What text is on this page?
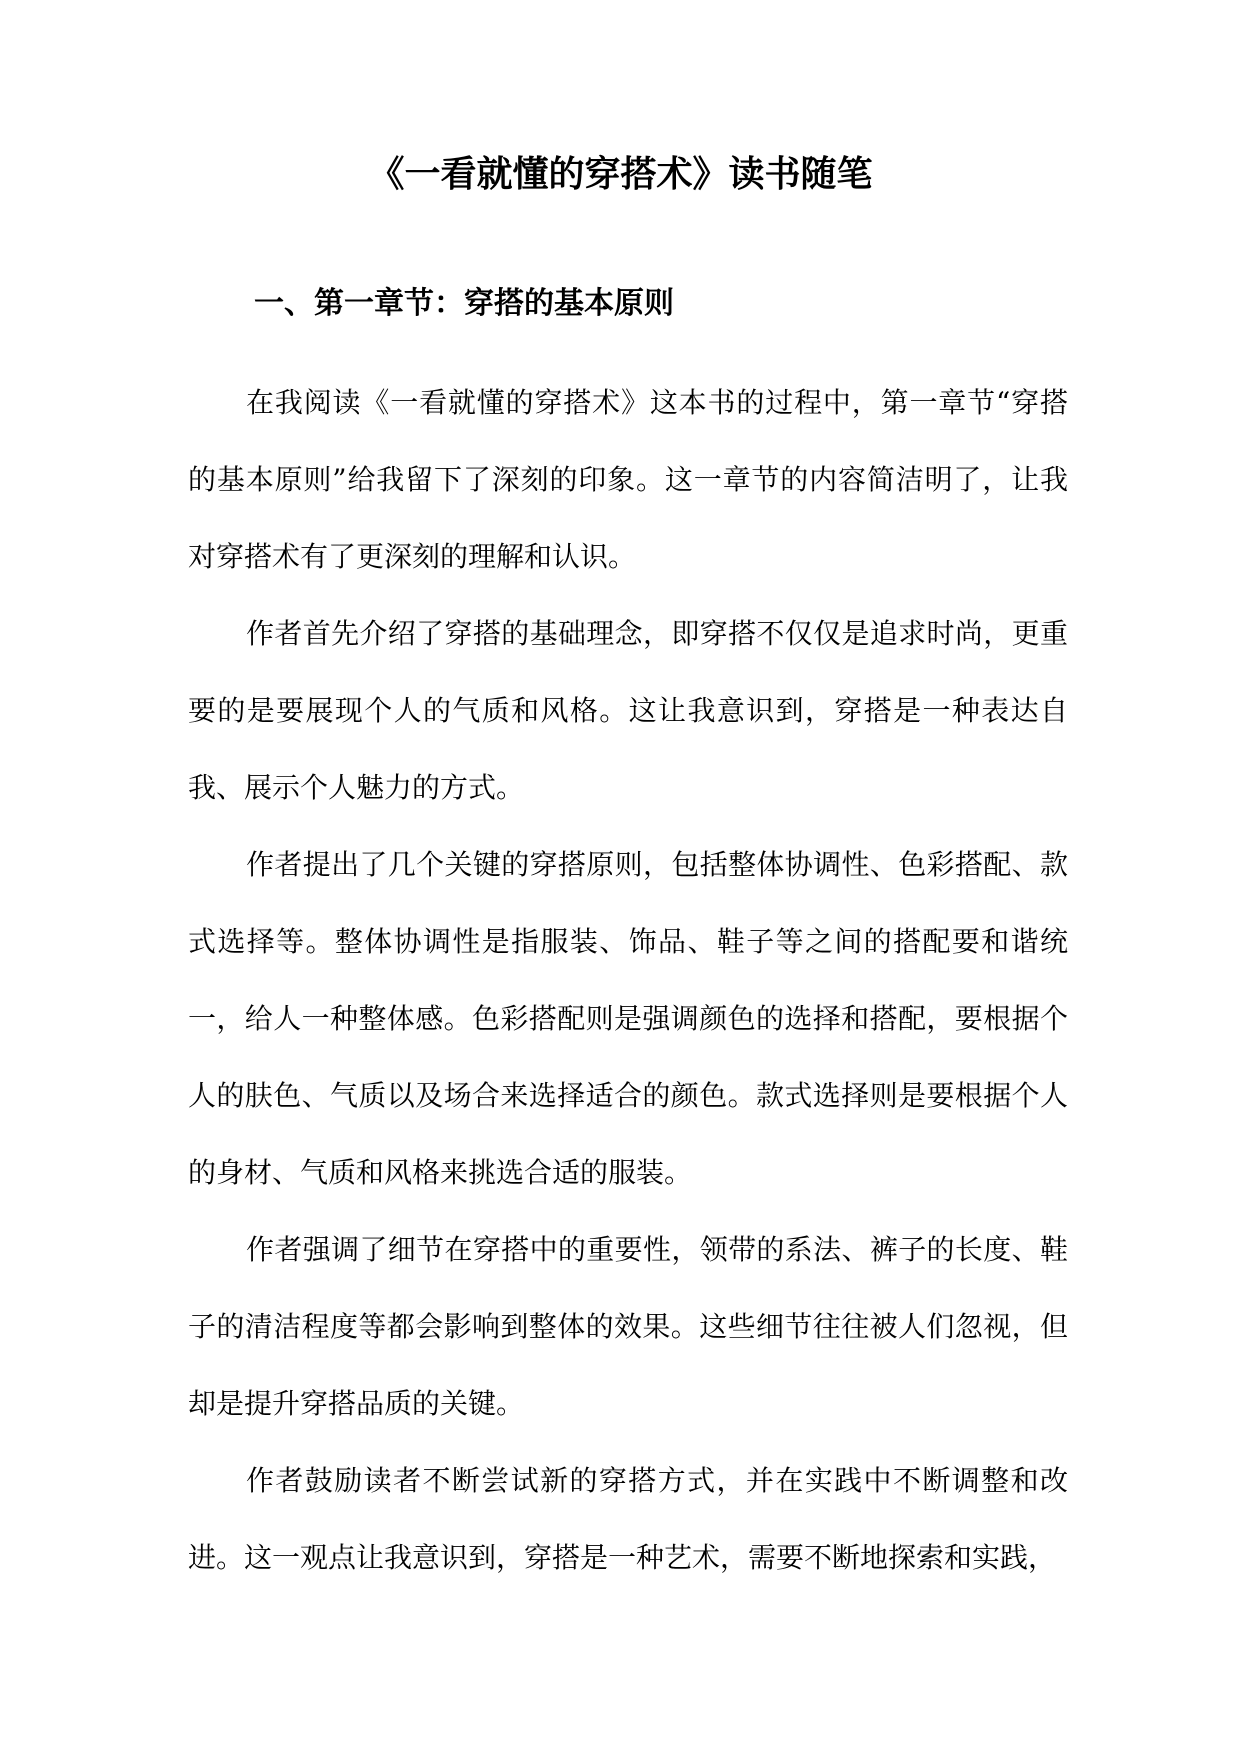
《一看就懂的穿搭术》读书随笔
一、第一章节：穿搭的基本原则

在我阅读《一看就懂的穿搭术》这本书的过程中，第一章节“穿搭的基本原则”给我留下了深刻的印象。这一章节的内容简洁明了，让我对穿搭术有了更深刻的理解和认识。

作者首先介绍了穿搭的基础理念，即穿搭不仅仅是追求时尚，更重要的是要展现个人的气质和风格。这让我意识到，穿搭是一种表达自我、展示个人魅力的方式。

作者提出了几个关键的穿搭原则，包括整体协调性、色彩搭配、款式选择等。整体协调性是指服装、饰品、鞋子等之间的搭配要和谐统一，给人一种整体感。色彩搭配则是强调颜色的选择和搭配，要根据个人的肤色、气质以及场合来选择适合的颜色。款式选择则是要根据个人的身材、气质和风格来挑选合适的服装。

作者强调了细节在穿搭中的重要性，领带的系法、裤子的长度、鞋子的清洁程度等都会影响到整体的效果。这些细节往往被人们忽视，但却是提升穿搭品质的关键。

作者鼓励读者不断尝试新的穿搭方式，并在实践中不断调整和改进。这一观点让我意识到，穿搭是一种艺术，需要不断地探索和实践，
